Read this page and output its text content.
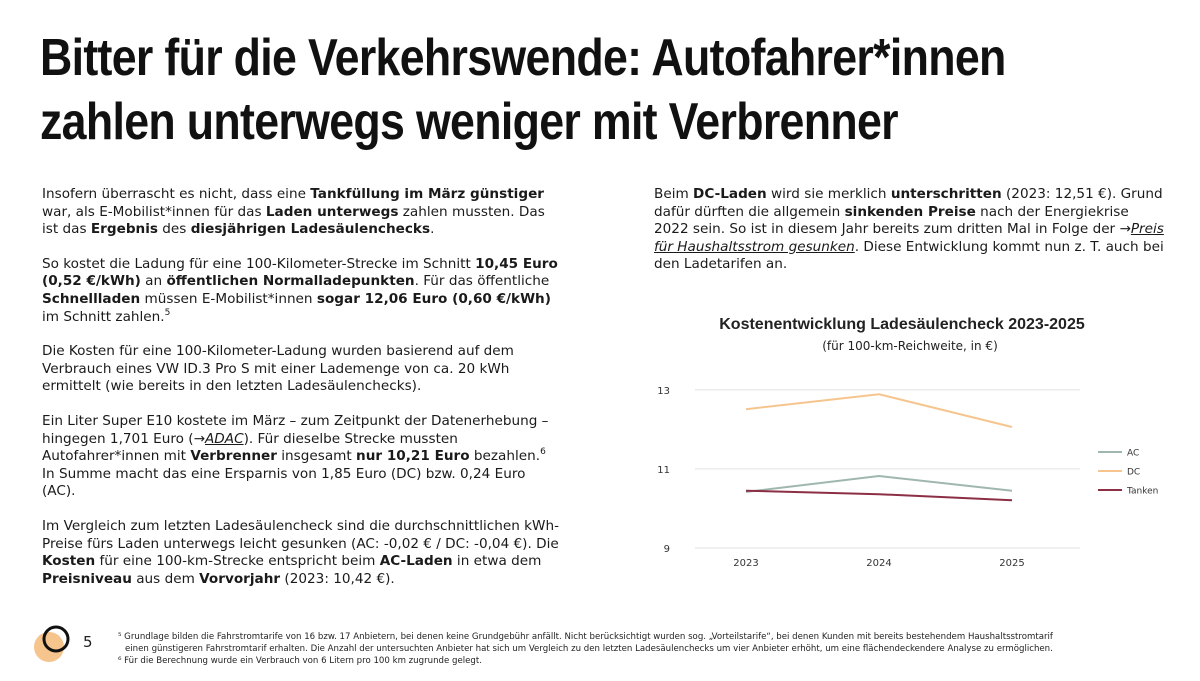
Bitter für die Verkehrswende: Autofahrer*innen
zahlen unterwegs weniger mit Verbrenner

Insofern überrascht es nicht, dass eine Tankfüllung im März günstiger war, als E-Mobilist*innen für das Laden unterwegs zahlen mussten. Das ist das Ergebnis des diesjährigen Ladesäulenchecks.

So kostet die Ladung für eine 100-Kilometer-Strecke im Schnitt 10,45 Euro (0,52 €/kWh) an öffentlichen Normalladepunkten. Für das öffentliche Schnellladen müssen E-Mobilist*innen sogar 12,06 Euro (0,60 €/kWh) im Schnitt zahlen.$^5$

Die Kosten für eine 100-Kilometer-Ladung wurden basierend auf dem Verbrauch eines VW ID.3 Pro S mit einer Lademenge von ca. 20 kWh ermittelt (wie bereits in den letzten Ladesäulenchecks).

Ein Liter Super E10 kostete im März – zum Zeitpunkt der Datenerhebung – hingegen 1,701 Euro (→ADAC). Für dieselbe Strecke mussten Autofahrer*innen mit Verbrenner insgesamt nur 10,21 Euro bezahlen.$^6$ In Summe macht das eine Ersparnis von 1,85 Euro (DC) bzw. 0,24 Euro (AC).

Im Vergleich zum letzten Ladesäulencheck sind die durchschnittlichen kWh-Preise fürs Laden unterwegs leicht gesunken (AC: -0,02 € / DC: -0,04 €). Die Kosten für eine 100-km-Strecke entspricht beim AC-Laden in etwa dem Preisniveau aus dem Vorvorjahr (2023: 10,42 €).

Beim DC-Laden wird sie merklich unterschritten (2023: 12,51 €). Grund dafür dürften die allgemein sinkenden Preise nach der Energiekrise 2022 sein. So ist in diesem Jahr bereits zum dritten Mal in Folge der →Preis für Haushaltsstrom gesunken. Diese Entwicklung kommt nun z. T. auch bei den Ladetarifen an.

Kostenentwicklung Ladesäulencheck 2023-2025
(für 100-km-Reichweite, in €)
9
11
13
2023	2024	2025
AC
DC
Tanken
5	⁵ Grundlage bilden die Fahrstromtarife von 16 bzw. 17 Anbietern, bei denen keine Grundgebühr anfällt. Nicht berücksichtigt wurden sog. „Vorteilstarife“, bei denen Kunden mit bereits bestehendem Haushaltsstromtarif
einen günstigeren Fahrstromtarif erhalten. Die Anzahl der untersuchten Anbieter hat sich um Vergleich zu den letzten Ladesäulenchecks um vier Anbieter erhöht, um eine flächendeckendere Analyse zu ermöglichen.
⁶ Für die Berechnung wurde ein Verbrauch von 6 Litern pro 100 km zugrunde gelegt.
